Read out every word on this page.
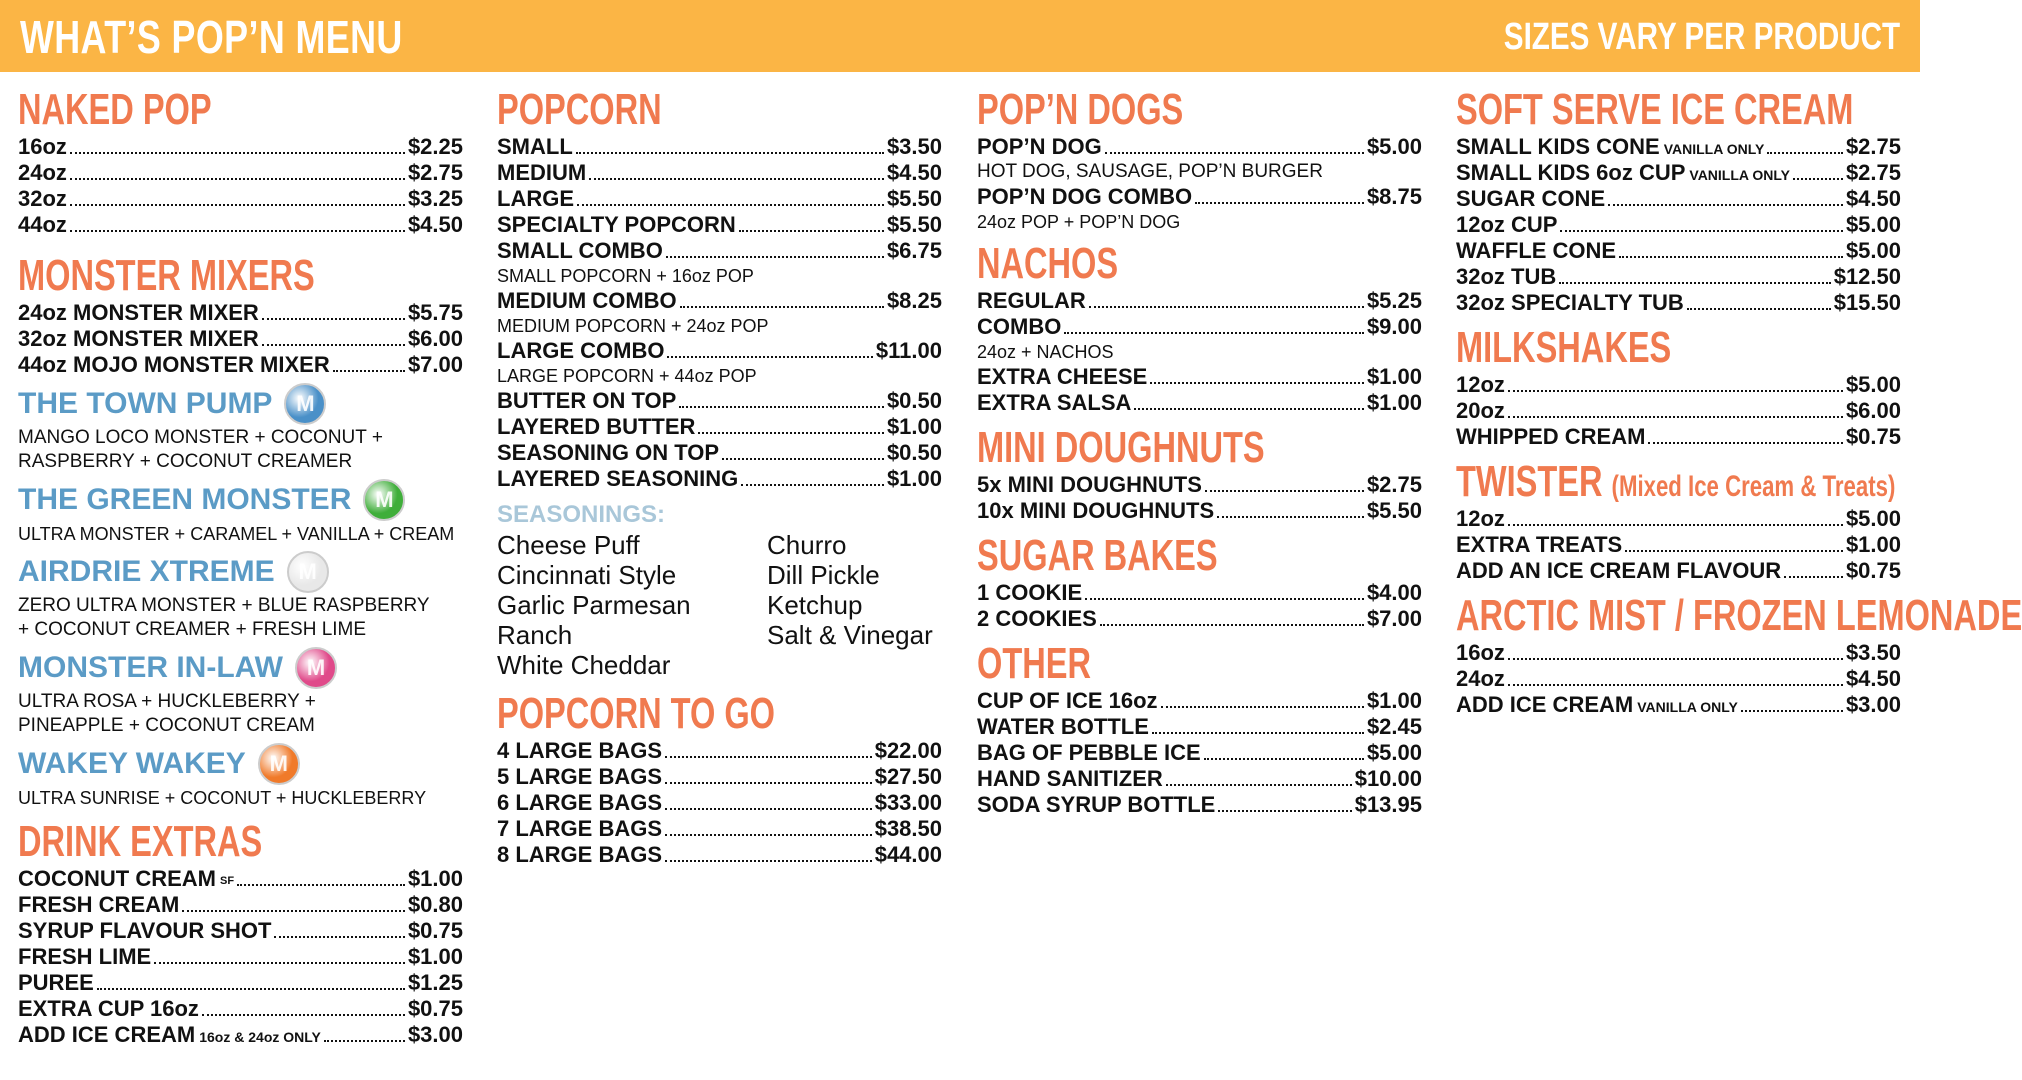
WHAT’S POP’N MENU	SIZES VARY PER PRODUCT
NAKED POP
16oz	$2.25
24oz	$2.75
32oz	$3.25
44oz	$4.50
MONSTER MIXERS
24oz MONSTER MIXER	$5.75
32oz MONSTER MIXER	$6.00
44oz MOJO MONSTER MIXER	$7.00
THE TOWN PUMP
M
MANGO LOCO MONSTER + COCONUT +
RASPBERRY + COCONUT CREAMER
THE GREEN MONSTER
M
ULTRA MONSTER + CARAMEL + VANILLA + CREAM
AIRDRIE XTREME
M
ZERO ULTRA MONSTER + BLUE RASPBERRY
+ COCONUT CREAMER + FRESH LIME
MONSTER IN-LAW
M
ULTRA ROSA + HUCKLEBERRY +
PINEAPPLE + COCONUT CREAM
WAKEY WAKEY
M
ULTRA SUNRISE + COCONUT + HUCKLEBERRY
DRINK EXTRAS
COCONUT CREAM SF	$1.00
FRESH CREAM	$0.80
SYRUP FLAVOUR SHOT	$0.75
FRESH LIME	$1.00
PUREE	$1.25
EXTRA CUP 16oz	$0.75
ADD ICE CREAM 16oz & 24oz ONLY	$3.00
POPCORN
SMALL	$3.50
MEDIUM	$4.50
LARGE	$5.50
SPECIALTY POPCORN	$5.50
SMALL COMBO	$6.75
SMALL POPCORN + 16oz POP
MEDIUM COMBO	$8.25
MEDIUM POPCORN + 24oz POP
LARGE COMBO	$11.00
LARGE POPCORN + 44oz POP
BUTTER ON TOP	$0.50
LAYERED BUTTER	$1.00
SEASONING ON TOP	$0.50
LAYERED SEASONING	$1.00
SEASONINGS:
Cheese Puff	Churro
Cincinnati Style	Dill Pickle
Garlic Parmesan	Ketchup
Ranch	Salt & Vinegar
White Cheddar
POPCORN TO GO
4 LARGE BAGS	$22.00
5 LARGE BAGS	$27.50
6 LARGE BAGS	$33.00
7 LARGE BAGS	$38.50
8 LARGE BAGS	$44.00
POP’N DOGS
POP’N DOG	$5.00
HOT DOG, SAUSAGE, POP’N BURGER
POP’N DOG COMBO	$8.75
24oz POP + POP’N DOG
NACHOS
REGULAR	$5.25
COMBO	$9.00
24oz + NACHOS
EXTRA CHEESE	$1.00
EXTRA SALSA	$1.00
MINI DOUGHNUTS
5x MINI DOUGHNUTS	$2.75
10x MINI DOUGHNUTS	$5.50
SUGAR BAKES
1 COOKIE	$4.00
2 COOKIES	$7.00
OTHER
CUP OF ICE 16oz	$1.00
WATER BOTTLE	$2.45
BAG OF PEBBLE ICE	$5.00
HAND SANITIZER	$10.00
SODA SYRUP BOTTLE	$13.95
SOFT SERVE ICE CREAM
SMALL KIDS CONE VANILLA ONLY	$2.75
SMALL KIDS 6oz CUP VANILLA ONLY	$2.75
SUGAR CONE	$4.50
12oz CUP	$5.00
WAFFLE CONE	$5.00
32oz TUB	$12.50
32oz SPECIALTY TUB	$15.50
MILKSHAKES
12oz	$5.00
20oz	$6.00
WHIPPED CREAM	$0.75
TWISTER (Mixed Ice Cream & Treats)
12oz	$5.00
EXTRA TREATS	$1.00
ADD AN ICE CREAM FLAVOUR	$0.75
ARCTIC MIST / FROZEN LEMONADE
16oz	$3.50
24oz	$4.50
ADD ICE CREAM VANILLA ONLY	$3.00
